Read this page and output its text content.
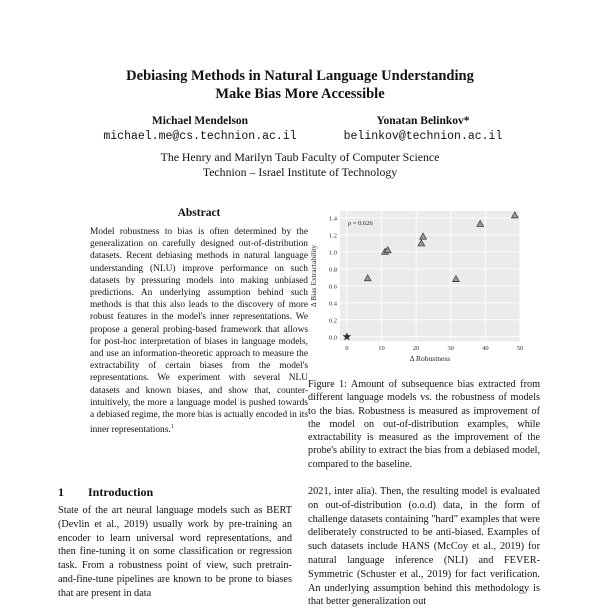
Debiasing Methods in Natural Language Understanding
Make Bias More Accessible
Michael Mendelson
michael.me@cs.technion.ac.il
Yonatan Belinkov*
belinkov@technion.ac.il
The Henry and Marilyn Taub Faculty of Computer Science
Technion – Israel Institute of Technology
Abstract
Model robustness to bias is often determined by the generalization on carefully designed out-of-distribution datasets. Recent debiasing methods in natural language understanding (NLU) improve performance on such datasets by pressuring models into making unbiased predictions. An underlying assumption behind such methods is that this also leads to the discovery of more robust features in the model's inner representations. We propose a general probing-based framework that allows for post-hoc interpretation of biases in language models, and use an information-theoretic approach to measure the extractability of certain biases from the model's representations. We experiment with several NLU datasets and known biases, and show that, counter-intuitively, the more a language model is pushed towards a debiased regime, the more bias is actually encoded in its inner representations.$^1$
1 Introduction
State of the art neural language models such as BERT (Devlin et al., 2019) usually work by pre-training an encoder to learn universal word representations, and then fine-tuning it on some classification or regression task. From a robustness point of view, such pretrain-and-fine-tune pipelines are known to be prone to biases that are present in data
0.0
0.2
0.4
0.6
0.8
1.0
1.2
1.4
0	10	20	30	40	50
Δ Robustness
Δ Bias Extractability
ρ = 0.626
Figure 1: Amount of subsequence bias extracted from different language models vs. the robustness of models to the bias. Robustness is measured as improvement of the model on out-of-distribution examples, while extractability is measured as the improvement of the probe's ability to extract the bias from a debiased model, compared to the baseline.
2021, inter alia). Then, the resulting model is evaluated on out-of-distribution (o.o.d) data, in the form of challenge datasets containing "hard" examples that were deliberately constructed to be anti-biased. Examples of such datasets include HANS (McCoy et al., 2019) for natural language inference (NLI) and FEVER-Symmetric (Schuster et al., 2019) for fact verification. An underlying assumption behind this methodology is that better generalization out
